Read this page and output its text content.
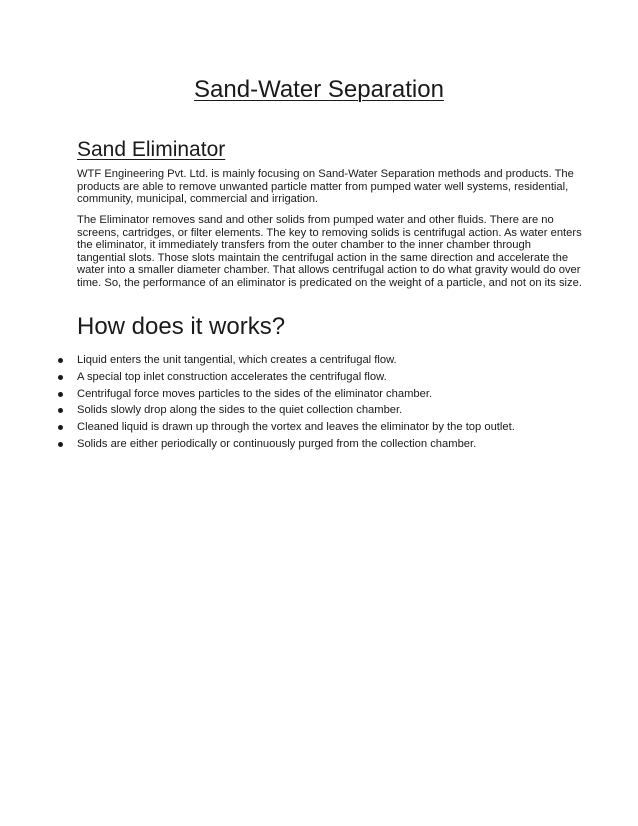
Sand-Water Separation
Sand Eliminator

WTF Engineering Pvt. Ltd. is mainly focusing on Sand-Water Separation methods and products. The products are able to remove unwanted particle matter from pumped water well systems, residential, community, municipal, commercial and irrigation.

The Eliminator removes sand and other solids from pumped water and other fluids. There are no screens, cartridges, or filter elements. The key to removing solids is centrifugal action. As water enters the eliminator, it immediately transfers from the outer chamber to the inner chamber through tangential slots. Those slots maintain the centrifugal action in the same direction and accelerate the water into a smaller diameter chamber. That allows centrifugal action to do what gravity would do over time. So, the performance of an eliminator is predicated on the weight of a particle, and not on its size.

How does it works?
Liquid enters the unit tangential, which creates a centrifugal flow.
A special top inlet construction accelerates the centrifugal flow.
Centrifugal force moves particles to the sides of the eliminator chamber.
Solids slowly drop along the sides to the quiet collection chamber.
Cleaned liquid is drawn up through the vortex and leaves the eliminator by the top outlet.
Solids are either periodically or continuously purged from the collection chamber.
